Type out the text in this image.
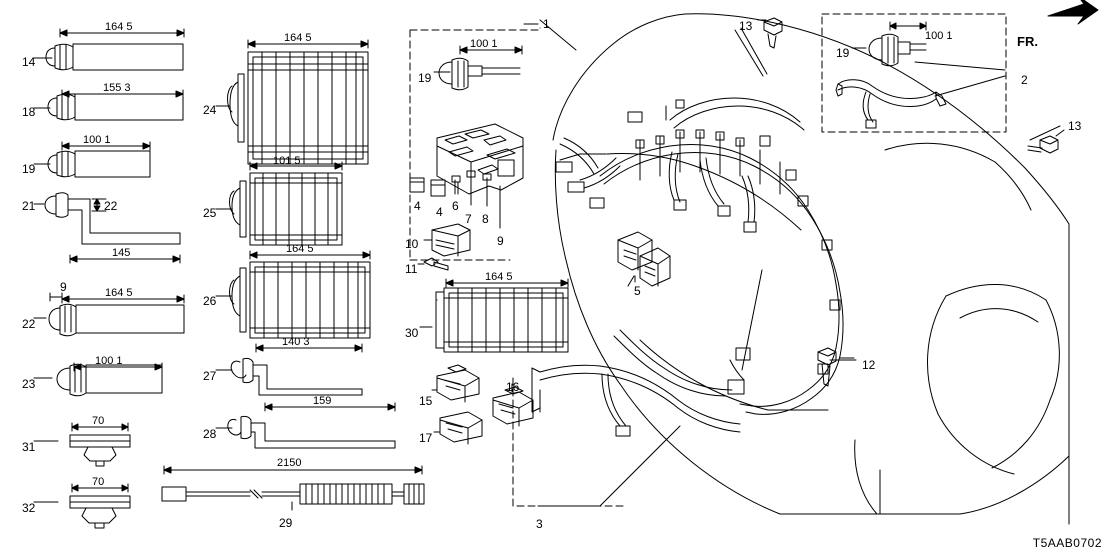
1
2
4 4
5
6
7 8
9
10
11
12
13
13
14
15
16
17
18
19
19
19
21	22
22
23
24
25
26
27
28
29
30
31
32
3
9
164 5
155 3
100 1
145
164 5
100 1
70
70
164 5
101 5
164 5
140 3
159
2150
100 1
164 5
100 1	FR.
T5AAB0702
